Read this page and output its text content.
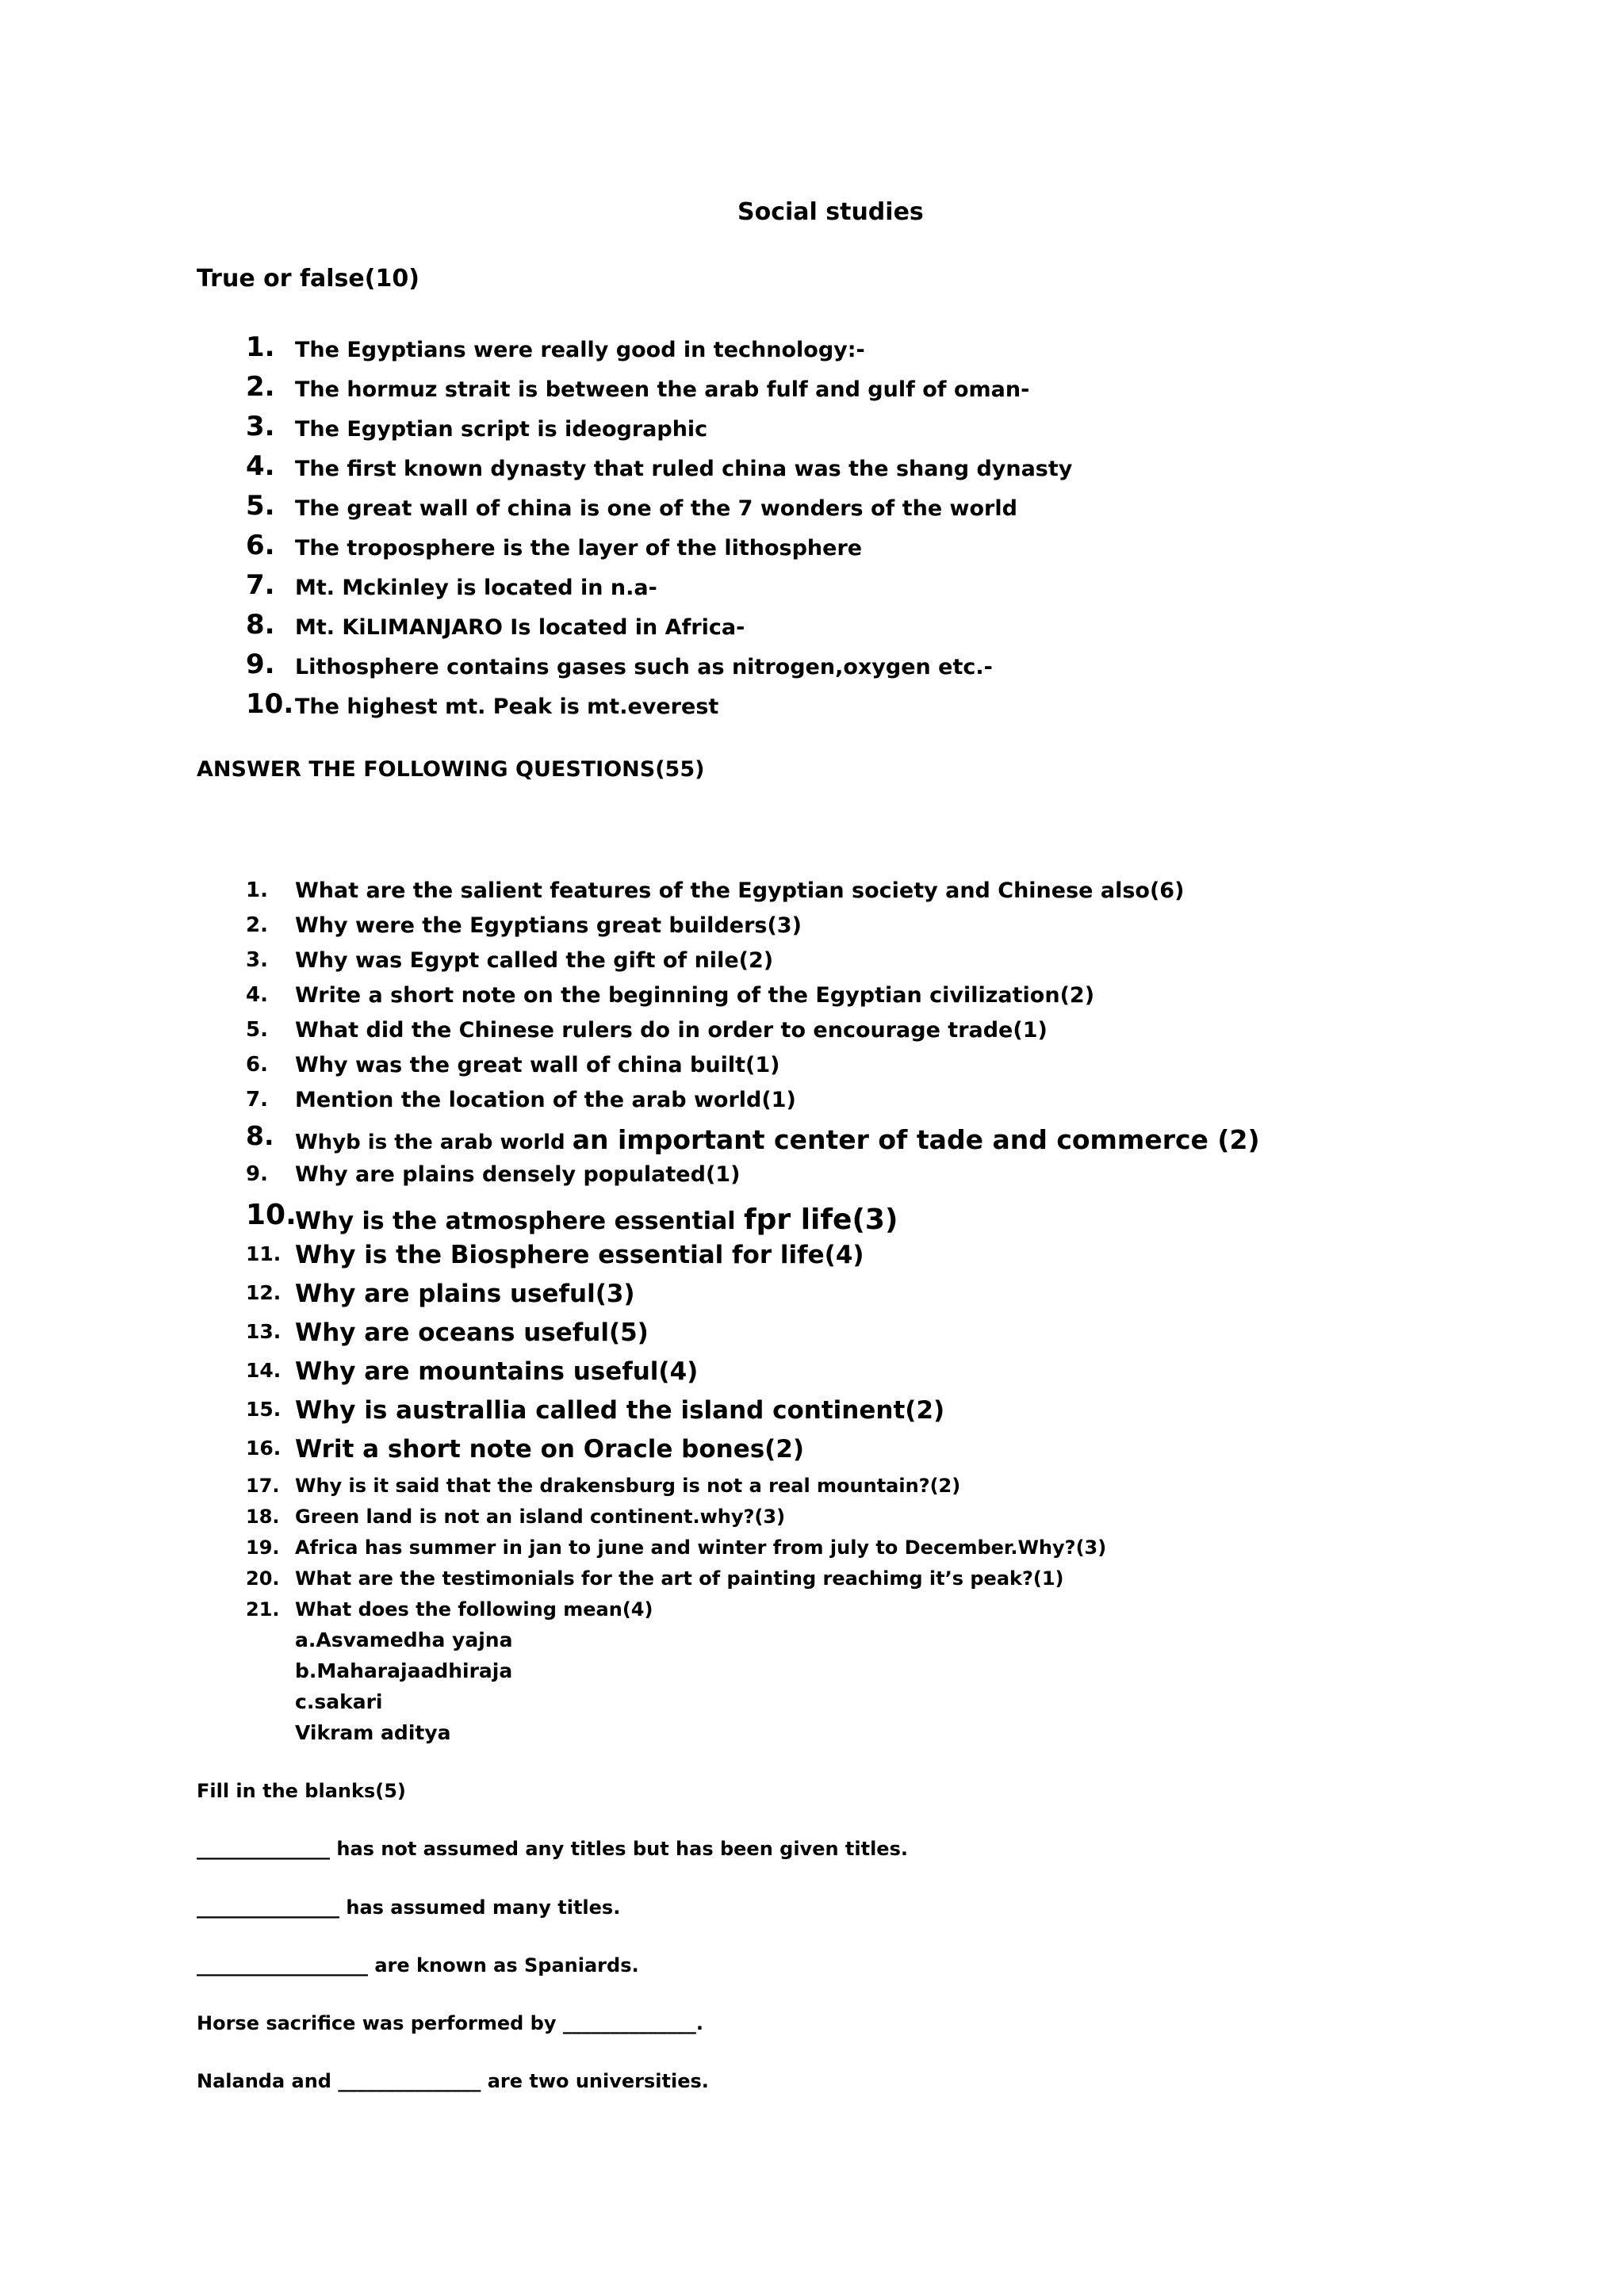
Social studies
True or false(10)
1. The Egyptians were really good in technology:-
2. The hormuz strait is between the arab fulf and gulf of oman-
3. The Egyptian script is ideographic
4. The first known dynasty that ruled china was the shang dynasty
5. The great wall of china is one of the 7 wonders of the world
6. The troposphere is the layer of the lithosphere
7. Mt. Mckinley is located in n.a-
8. Mt. KiLIMANJARO Is located in Africa-
9. Lithosphere contains gases such as nitrogen,oxygen etc.-
10. The highest mt. Peak is mt.everest
ANSWER THE FOLLOWING QUESTIONS(55)
1. What are the salient features of the Egyptian society and Chinese also(6)
2. Why were the Egyptians great builders(3)
3. Why was Egypt called the gift of nile(2)
4. Write a short note on the beginning of the Egyptian civilization(2)
5. What did the Chinese rulers do in order to encourage trade(1)
6. Why was the great wall of china built(1)
7. Mention the location of the arab world(1)
8. Whyb is the arab world an important center of tade and commerce (2)
9. Why are plains densely populated(1)
10.
Why is the atmosphere essential fpr life(3)
11. Why is the Biosphere essential for life(4)
12. Why are plains useful(3)
13. Why are oceans useful(5)
14. Why are mountains useful(4)
15. Why is australlia called the island continent(2)
16. Writ a short note on Oracle bones(2)
17. Why is it said that the drakensburg is not a real mountain?(2)
18. Green land is not an island continent.why?(3)
19. Africa has summer in jan to june and winter from july to December.Why?(3)
20. What are the testimonials for the art of painting reachimg it’s peak?(1)
21. What does the following mean(4)
a.Asvamedha yajna
b.Maharajaadhiraja
c.sakari
Vikram aditya
Fill in the blanks(5)
______________ has not assumed any titles but has been given titles.
_______________ has assumed many titles.
__________________ are known as Spaniards.
Horse sacrifice was performed by ______________.
Nalanda and _______________ are two universities.
